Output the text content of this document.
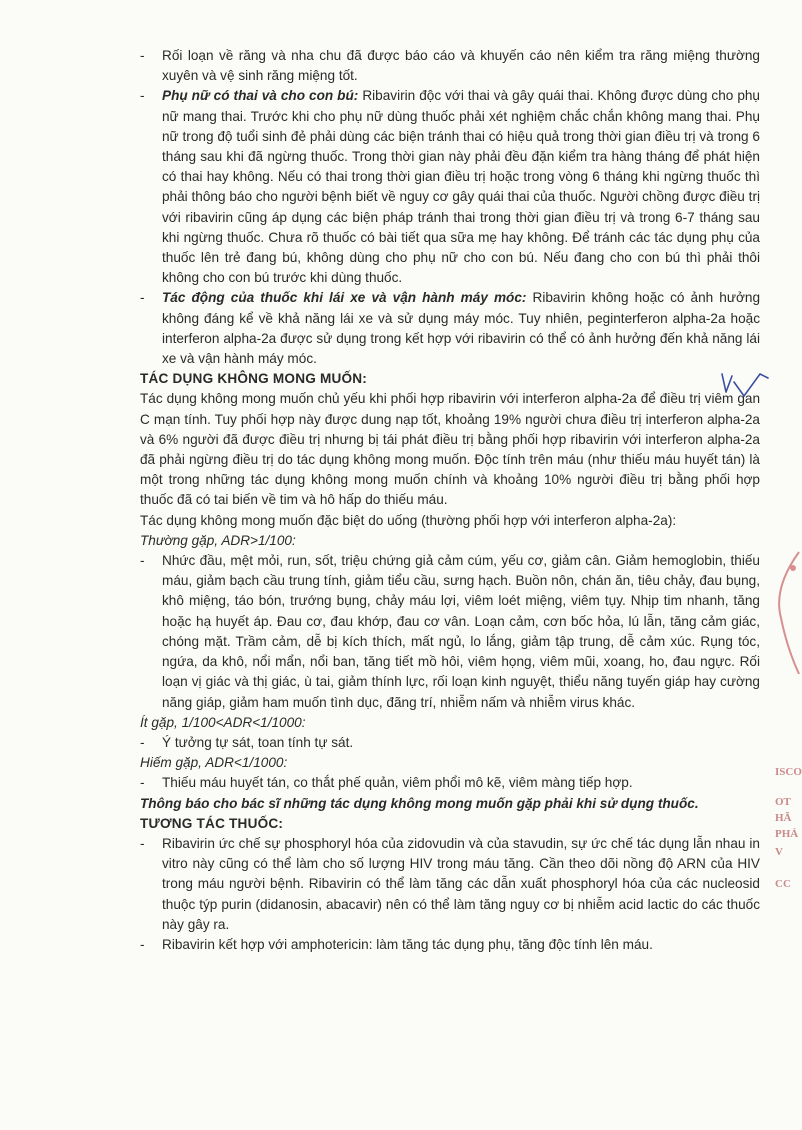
-	Rối loạn về răng và nha chu đã được báo cáo và khuyến cáo nên kiểm tra răng miệng thường xuyên và vệ sinh răng miệng tốt.
-	Phụ nữ có thai và cho con bú: Ribavirin độc với thai và gây quái thai. Không được dùng cho phụ nữ mang thai. Trước khi cho phụ nữ dùng thuốc phải xét nghiệm chắc chắn không mang thai. Phụ nữ trong độ tuổi sinh đẻ phải dùng các biện tránh thai có hiệu quả trong thời gian điều trị và trong 6 tháng sau khi đã ngừng thuốc. Trong thời gian này phải đều đặn kiểm tra hàng tháng để phát hiện có thai hay không. Nếu có thai trong thời gian điều trị hoặc trong vòng 6 tháng khi ngừng thuốc thì phải thông báo cho người bệnh biết về nguy cơ gây quái thai của thuốc. Người chồng được điều trị với ribavirin cũng áp dụng các biện pháp tránh thai trong thời gian điều trị và trong 6-7 tháng sau khi ngừng thuốc. Chưa rõ thuốc có bài tiết qua sữa mẹ hay không. Để tránh các tác dụng phụ của thuốc lên trẻ đang bú, không dùng cho phụ nữ cho con bú. Nếu đang cho con bú thì phải thôi không cho con bú trước khi dùng thuốc.
-	Tác động của thuốc khi lái xe và vận hành máy móc: Ribavirin không hoặc có ảnh hưởng không đáng kể về khả năng lái xe và sử dụng máy móc. Tuy nhiên, peginterferon alpha-2a hoặc interferon alpha-2a được sử dụng trong kết hợp với ribavirin có thể có ảnh hưởng đến khả năng lái xe và vận hành máy móc.
TÁC DỤNG KHÔNG MONG MUỐN:
Tác dụng không mong muốn chủ yếu khi phối hợp ribavirin với interferon alpha-2a để điều trị viêm gan C mạn tính. Tuy phối hợp này được dung nạp tốt, khoảng 19% người chưa điều trị interferon alpha-2a và 6% người đã được điều trị nhưng bị tái phát điều trị bằng phối hợp ribavirin với interferon alpha-2a đã phải ngừng điều trị do tác dụng không mong muốn. Độc tính trên máu (như thiếu máu huyết tán) là một trong những tác dụng không mong muốn chính và khoảng 10% người điều trị bằng phối hợp thuốc đã có tai biến về tim và hô hấp do thiếu máu.
Tác dụng không mong muốn đặc biệt do uống (thường phối hợp với interferon alpha-2a):
Thường gặp, ADR>1/100:
-	Nhức đầu, mệt mỏi, run, sốt, triệu chứng giả cảm cúm, yếu cơ, giảm cân. Giảm hemoglobin, thiếu máu, giảm bạch cầu trung tính, giảm tiểu cầu, sưng hạch. Buồn nôn, chán ăn, tiêu chảy, đau bụng, khô miệng, táo bón, trướng bụng, chảy máu lợi, viêm loét miệng, viêm tụy. Nhịp tim nhanh, tăng hoặc hạ huyết áp. Đau cơ, đau khớp, đau cơ vân. Loạn cảm, cơn bốc hỏa, lú lẫn, tăng cảm giác, chóng mặt. Trầm cảm, dễ bị kích thích, mất ngủ, lo lắng, giảm tập trung, dễ cảm xúc. Rụng tóc, ngứa, da khô, nổi mẩn, nổi ban, tăng tiết mồ hôi, viêm họng, viêm mũi, xoang, ho, đau ngực. Rối loạn vị giác và thị giác, ù tai, giảm thính lực, rối loạn kinh nguyệt, thiểu năng tuyến giáp hay cường năng giáp, giảm ham muốn tình dục, đãng trí, nhiễm nấm và nhiễm virus khác.
Ít gặp, 1/100<ADR<1/1000:
-	Ý tưởng tự sát, toan tính tự sát.
Hiếm gặp, ADR<1/1000:
-	Thiếu máu huyết tán, co thắt phế quản, viêm phổi mô kẽ, viêm màng tiếp hợp.
Thông báo cho bác sĩ những tác dụng không mong muốn gặp phải khi sử dụng thuốc.
TƯƠNG TÁC THUỐC:
-	Ribavirin ức chế sự phosphoryl hóa của zidovudin và của stavudin, sự ức chế tác dụng lẫn nhau in vitro này cũng có thể làm cho số lượng HIV trong máu tăng. Cần theo dõi nồng độ ARN của HIV trong máu người bệnh. Ribavirin có thể làm tăng các dẫn xuất phosphoryl hóa của các nucleosid thuộc týp purin (didanosin, abacavir) nên có thể làm tăng nguy cơ bị nhiễm acid lactic do các thuốc này gây ra.
-	Ribavirin kết hợp với amphotericin: làm tăng tác dụng phụ, tăng độc tính lên máu.
ISCO
OT
HÃ
PHẢ
V
CC
